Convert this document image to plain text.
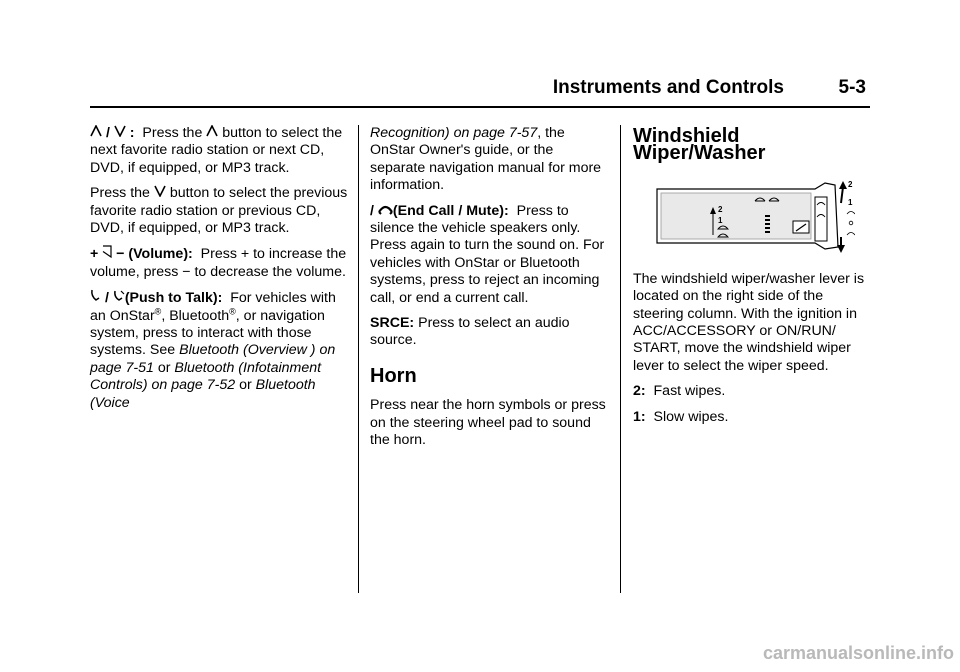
Instruments and Controls	5-3

/  : Press the  button to select the next favorite radio station or next CD, DVD, if equipped, or MP3 track.

Press the  button to select the previous favorite radio station or previous CD, DVD, if equipped, or MP3 track.

+  − (Volume): Press + to increase the volume, press − to decrease the volume.

/ (Push to Talk): For vehicles with an OnStar®, Bluetooth®, or navigation system, press to interact with those systems. See Bluetooth (Overview ) on page 7-51 or Bluetooth (Infotainment Controls) on page 7-52 or Bluetooth (Voice

Recognition) on page 7-57, the OnStar Owner's guide, or the separate navigation manual for more information.

/ (End Call / Mute): Press to silence the vehicle speakers only. Press again to turn the sound on. For vehicles with OnStar or Bluetooth systems, press to reject an incoming call, or end a current call.

SRCE: Press to select an audio source.

Horn

Press near the horn symbols or press on the steering wheel pad to sound the horn.

Windshield Wiper/Washer
2
1
2
1

The windshield wiper/washer lever is located on the right side of the steering column. With the ignition in ACC/ACCESSORY or ON/RUN/ START, move the windshield wiper lever to select the wiper speed.

2: Fast wipes.

1: Slow wipes.

carmanualsonline.info
